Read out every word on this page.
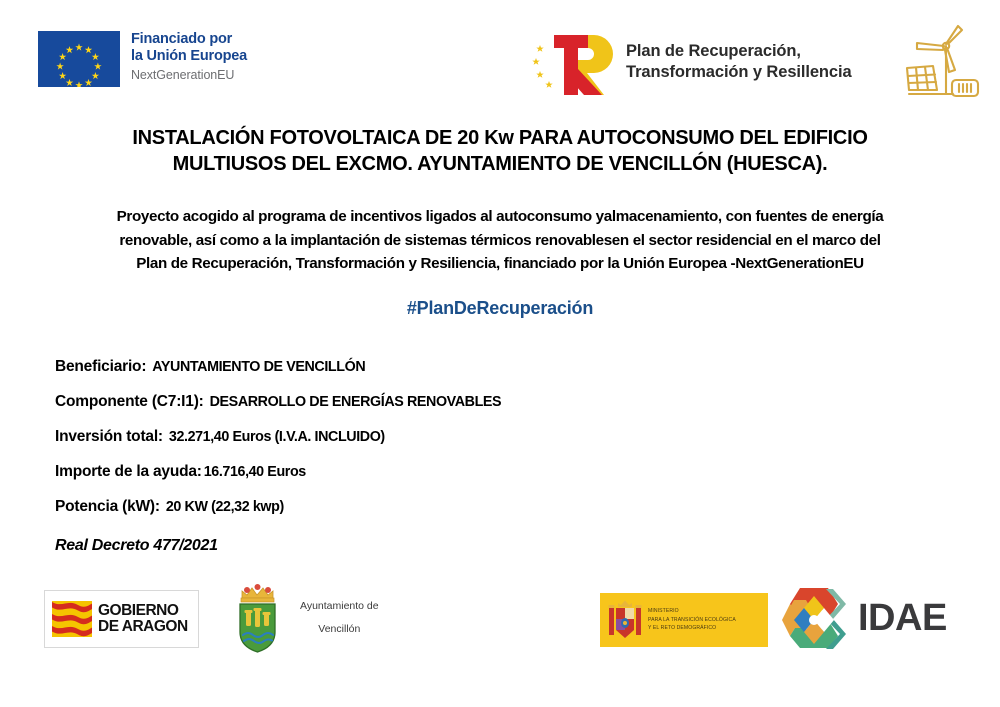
Financiado por
la Unión Europea
NextGenerationEU
Plan de Recuperación,
Transformación y Resillencia
INSTALACIÓN FOTOVOLTAICA DE 20 Kw PARA AUTOCONSUMO DEL EDIFICIO
MULTIUSOS DEL EXCMO. AYUNTAMIENTO DE VENCILLÓN (HUESCA).
Proyecto acogido al programa de incentivos ligados al autoconsumo yalmacenamiento, con fuentes de energía
renovable, así como a la implantación de sistemas térmicos renovablesen el sector residencial en el marco del
Plan de Recuperación, Transformación y Resiliencia, financiado por la Unión Europea -NextGenerationEU
#PlanDeRecuperación
Beneficiario: AYUNTAMIENTO DE VENCILLÓN
Componente (C7:I1): DESARROLLO DE ENERGÍAS RENOVABLES
Inversión total: 32.271,40 Euros (I.V.A. INCLUIDO)
Importe de la ayuda: 16.716,40 Euros
Potencia (kW): 20 KW (22,32 kwp)
Real Decreto 477/2021
GOBIERNO
DE ARAGON
Ayuntamiento de
Vencillón
MINISTERIO
PARA LA TRANSICIÓN ECOLÓGICA
Y EL RETO DEMOGRÁFICO	IDAE
